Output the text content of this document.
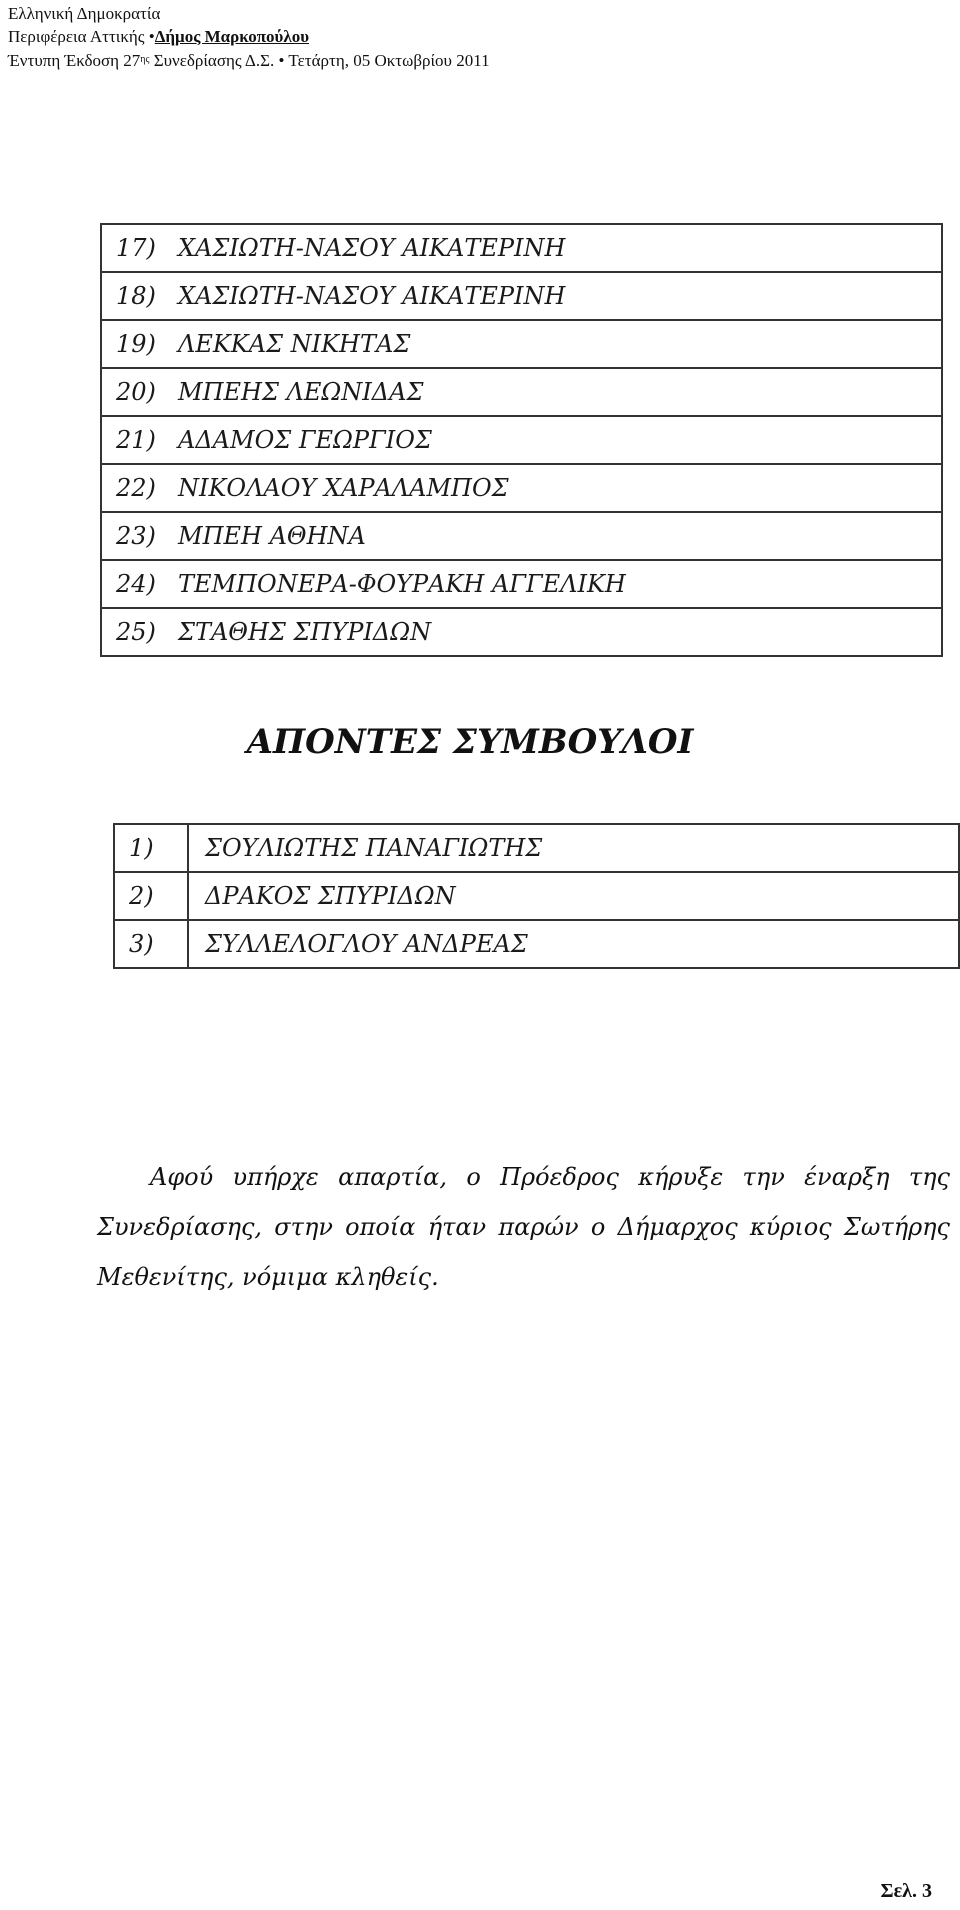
Ελληνική Δημοκρατία
Περιφέρεια Αττικής •Δήμος Μαρκοπούλου
Έντυπη Έκδοση $27^{\eta\varsigma}$ Συνεδρίασης Δ.Σ. • Τετάρτη, 05 Οκτωβρίου 2011
17)	ΧΑΣΙΩΤΗ-ΝΑΣΟΥ ΑΙΚΑΤΕΡΙΝΗ
18)	ΧΑΣΙΩΤΗ-ΝΑΣΟΥ ΑΙΚΑΤΕΡΙΝΗ
19)	ΛΕΚΚΑΣ ΝΙΚΗΤΑΣ
20)	ΜΠΕΗΣ ΛΕΩΝΙΔΑΣ
21)	ΑΔΑΜΟΣ ΓΕΩΡΓΙΟΣ
22)	ΝΙΚΟΛΑΟΥ ΧΑΡΑΛΑΜΠΟΣ
23)	ΜΠΕΗ ΑΘΗΝΑ
24)	ΤΕΜΠΟΝΕΡΑ-ΦΟΥΡΑΚΗ ΑΓΓΕΛΙΚΗ
25)	ΣΤΑΘΗΣ ΣΠΥΡΙΔΩΝ
ΑΠΟΝΤΕΣ ΣΥΜΒΟΥΛΟΙ
1)	ΣΟΥΛΙΩΤΗΣ ΠΑΝΑΓΙΩΤΗΣ
2)	ΔΡΑΚΟΣ ΣΠΥΡΙΔΩΝ
3)	ΣΥΛΛΕΛΟΓΛΟΥ ΑΝΔΡΕΑΣ

Αφού υπήρχε απαρτία, ο Πρόεδρος κήρυξε την έναρξη της Συνεδρίασης, στην οποία ήταν παρών ο Δήμαρχος κύριος Σωτήρης Μεθενίτης, νόμιμα κληθείς.

Σελ. 3
